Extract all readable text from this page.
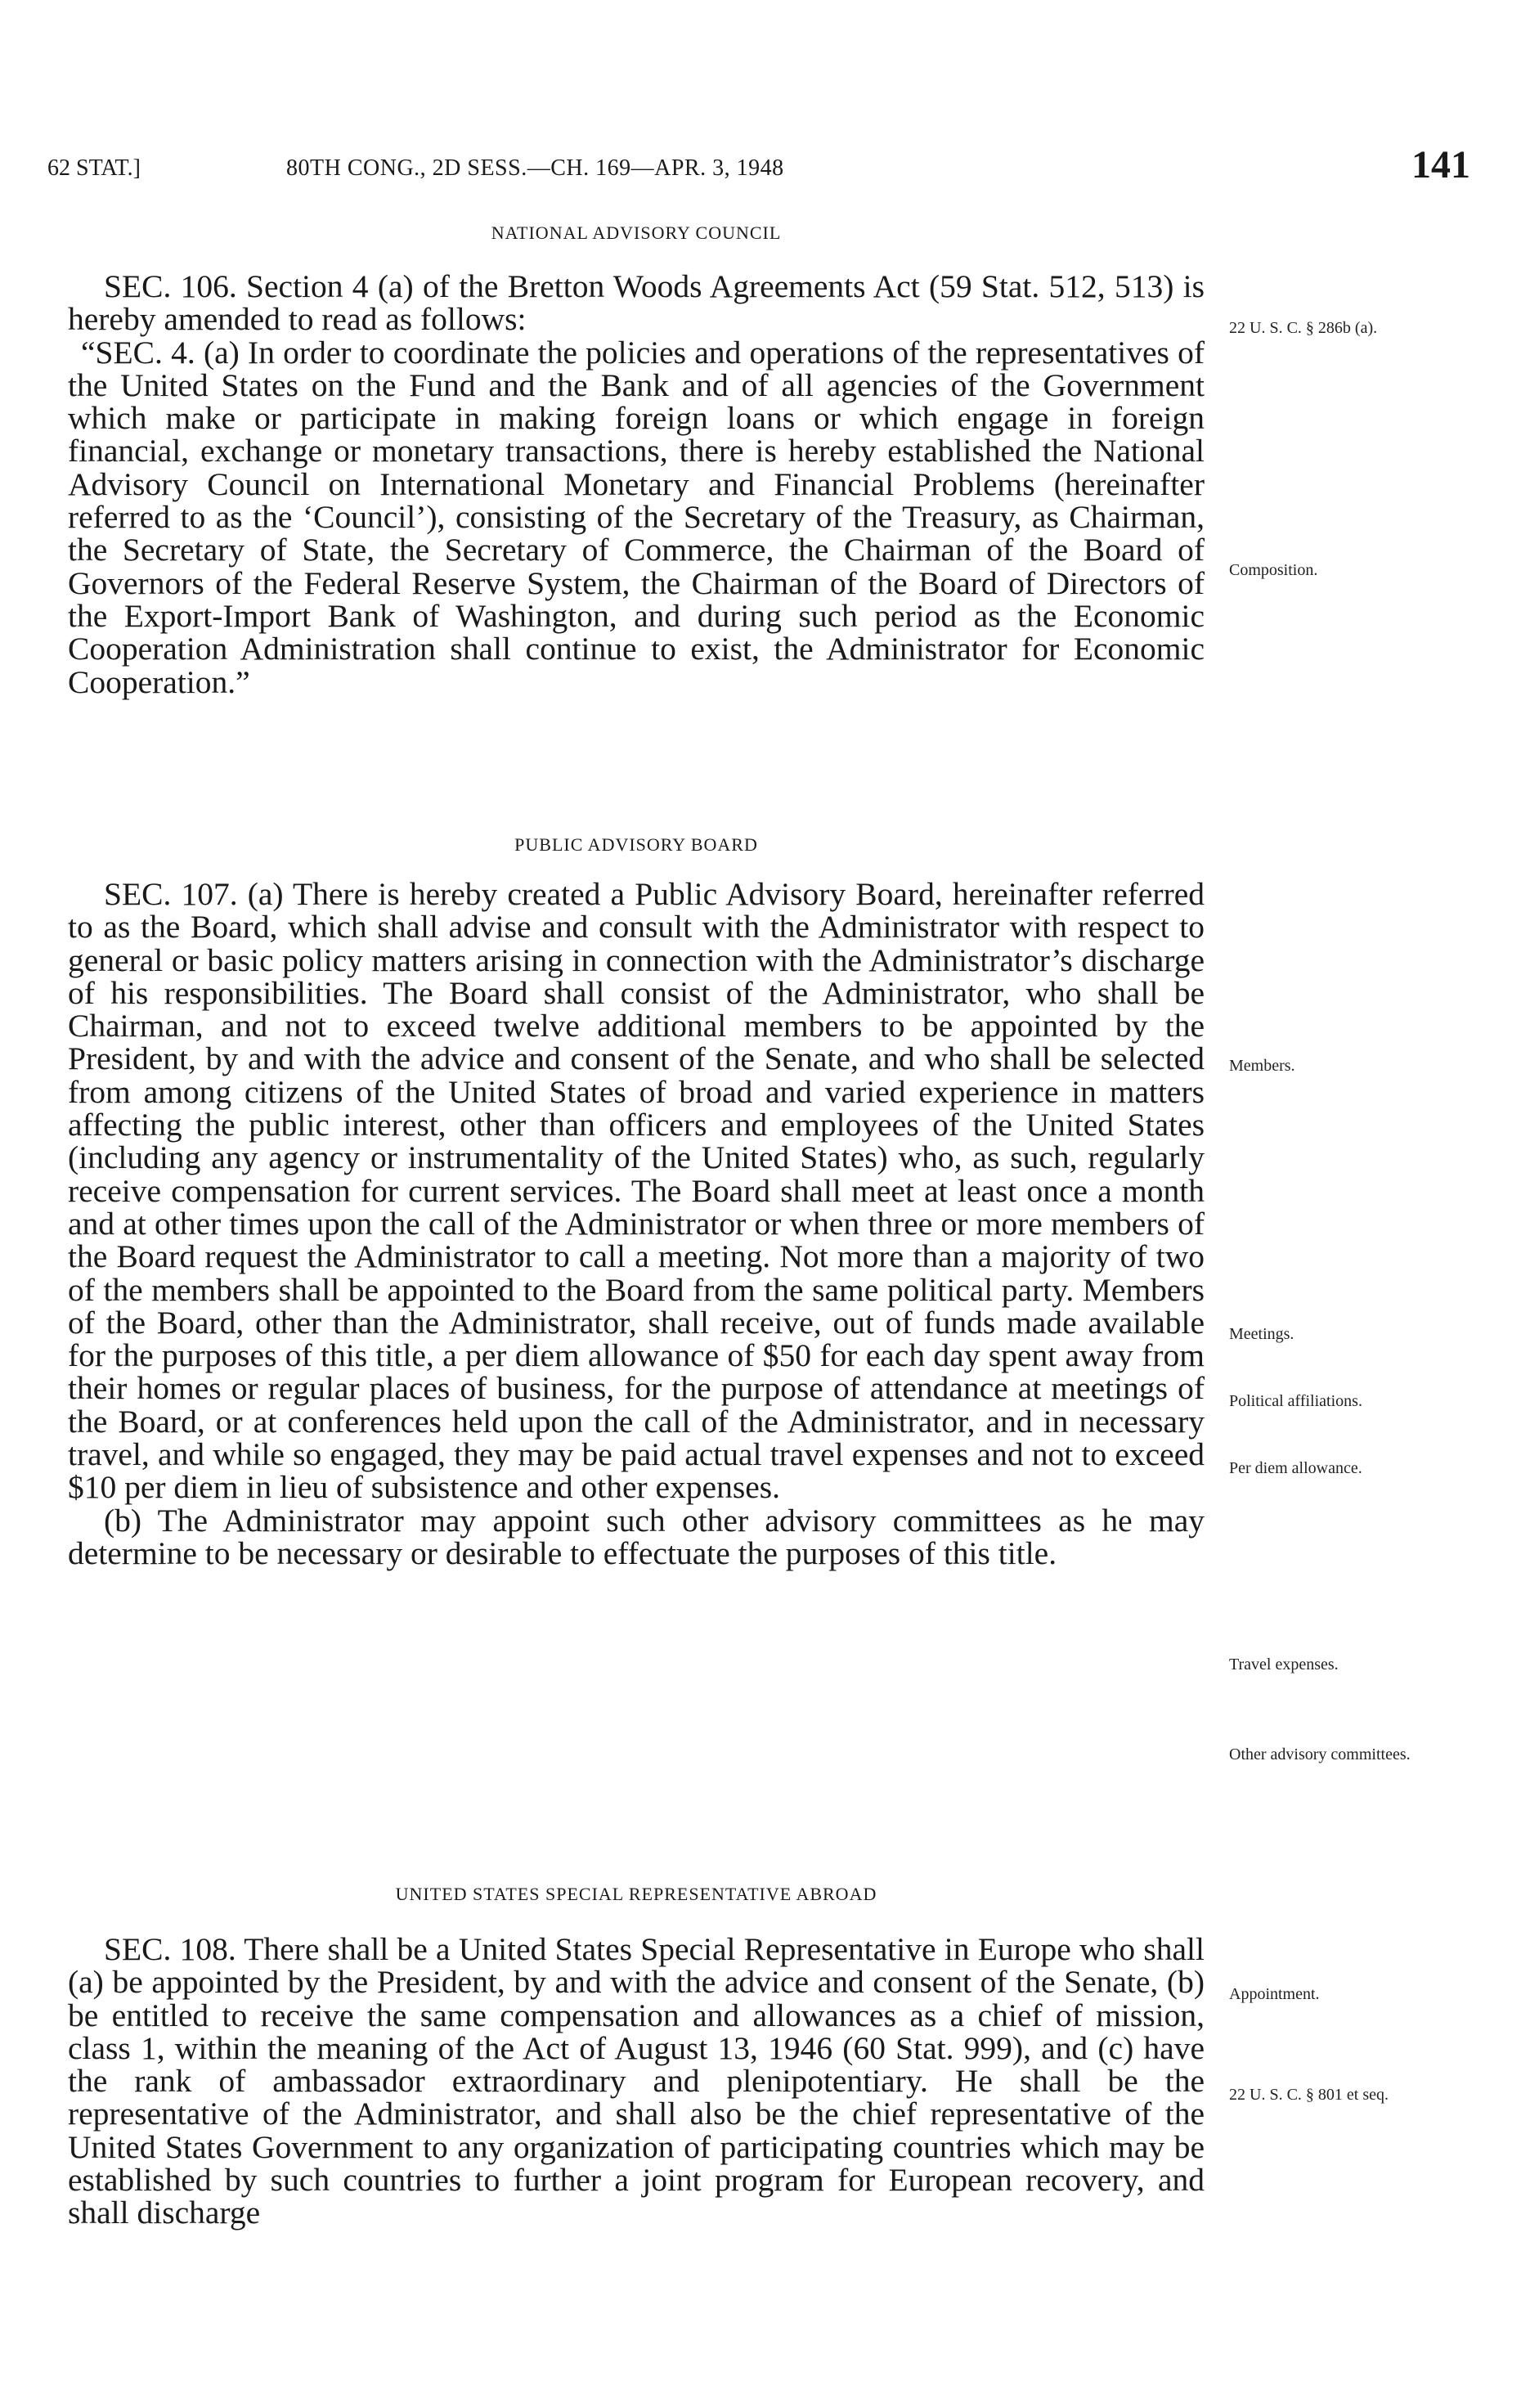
62 STAT.]	80TH CONG., 2D SESS.—CH. 169—APR. 3, 1948	141
NATIONAL ADVISORY COUNCIL

SEC. 106. Section 4 (a) of the Bretton Woods Agreements Act (59 Stat. 512, 513) is hereby amended to read as follows:

“SEC. 4. (a) In order to coordinate the policies and operations of the representatives of the United States on the Fund and the Bank and of all agencies of the Government which make or participate in making foreign loans or which engage in foreign financial, exchange or monetary transactions, there is hereby established the National Advisory Council on International Monetary and Financial Problems (hereinafter referred to as the ‘Council’), consisting of the Secretary of the Treasury, as Chairman, the Secretary of State, the Secretary of Commerce, the Chairman of the Board of Governors of the Federal Reserve System, the Chairman of the Board of Directors of the Export-Import Bank of Washington, and during such period as the Economic Cooperation Administration shall continue to exist, the Administrator for Economic Cooperation.”

PUBLIC ADVISORY BOARD

SEC. 107. (a) There is hereby created a Public Advisory Board, hereinafter referred to as the Board, which shall advise and consult with the Administrator with respect to general or basic policy matters arising in connection with the Administrator’s discharge of his responsibilities. The Board shall consist of the Administrator, who shall be Chairman, and not to exceed twelve additional members to be appointed by the President, by and with the advice and consent of the Senate, and who shall be selected from among citizens of the United States of broad and varied experience in matters affecting the public interest, other than officers and employees of the United States (including any agency or instrumentality of the United States) who, as such, regularly receive compensation for current services. The Board shall meet at least once a month and at other times upon the call of the Administrator or when three or more members of the Board request the Administrator to call a meeting. Not more than a majority of two of the members shall be appointed to the Board from the same political party. Members of the Board, other than the Administrator, shall receive, out of funds made available for the purposes of this title, a per diem allowance of $50 for each day spent away from their homes or regular places of business, for the purpose of attendance at meetings of the Board, or at conferences held upon the call of the Administrator, and in necessary travel, and while so engaged, they may be paid actual travel expenses and not to exceed $10 per diem in lieu of subsistence and other expenses.

(b) The Administrator may appoint such other advisory committees as he may determine to be necessary or desirable to effectuate the purposes of this title.

UNITED STATES SPECIAL REPRESENTATIVE ABROAD

SEC. 108. There shall be a United States Special Representative in Europe who shall (a) be appointed by the President, by and with the advice and consent of the Senate, (b) be entitled to receive the same compensation and allowances as a chief of mission, class 1, within the meaning of the Act of August 13, 1946 (60 Stat. 999), and (c) have the rank of ambassador extraordinary and plenipotentiary. He shall be the representative of the Administrator, and shall also be the chief representative of the United States Government to any organization of participating countries which may be established by such countries to further a joint program for European recovery, and shall discharge

22 U. S. C. § 286b (a).
Composition.
Members.
Meetings.
Political affiliations.
Per diem allowance.
Travel expenses.
Other advisory committees.
Appointment.
22 U. S. C. § 801 et seq.
